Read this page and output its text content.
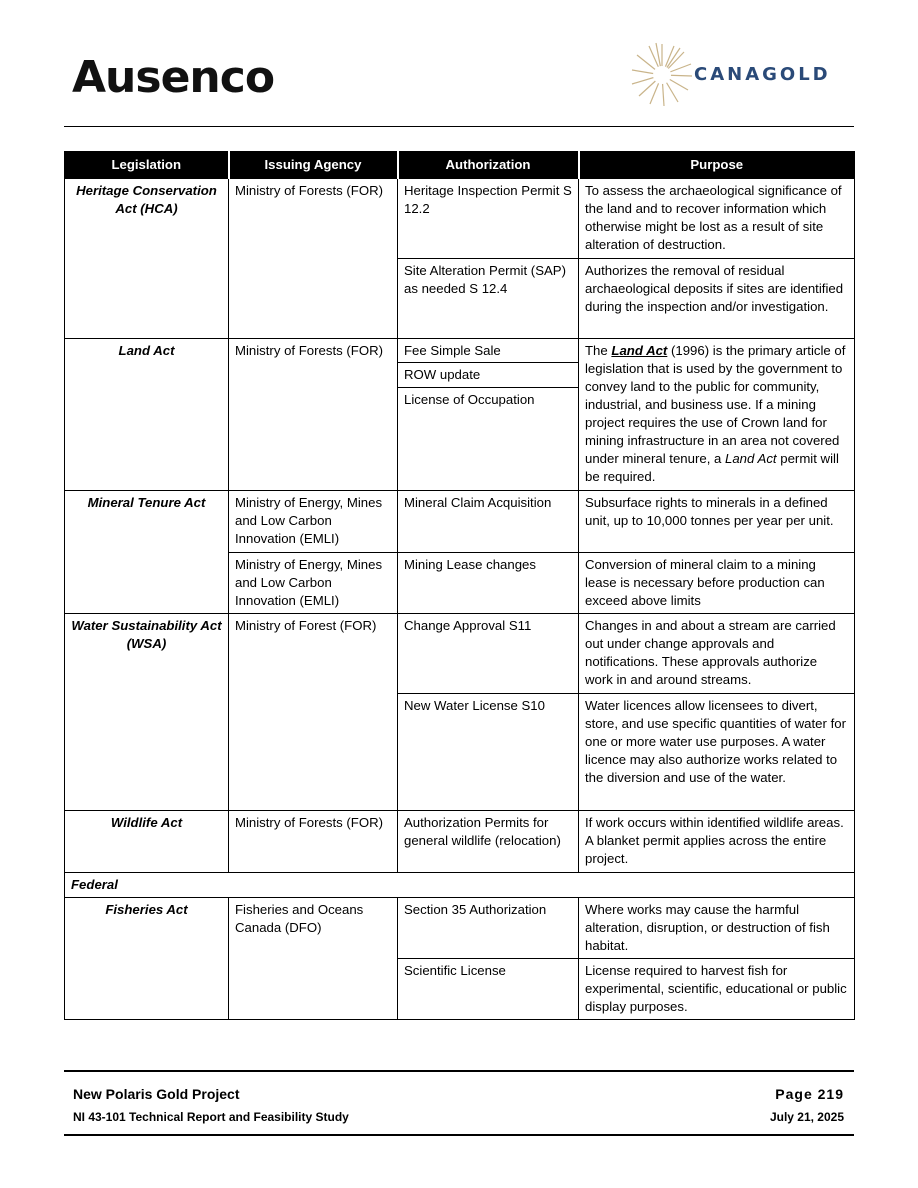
Ausenco	CANAGOLD
Legislation	Issuing Agency	Authorization	Purpose
Heritage Conservation Act (HCA)	Ministry of Forests (FOR)	Heritage Inspection Permit S 12.2	To assess the archaeological significance of the land and to recover information which otherwise might be lost as a result of site alteration of destruction.
		Site Alteration Permit (SAP) as needed S 12.4	Authorizes the removal of residual archaeological deposits if sites are identified during the inspection and/or investigation.
Land Act	Ministry of Forests (FOR)	Fee Simple Sale	The Land Act (1996) is the primary article of legislation that is used by the government to convey land to the public for community, industrial, and business use. If a mining project requires the use of Crown land for mining infrastructure in an area not covered under mineral tenure, a Land Act permit will be required.
		ROW update	
		License of Occupation	
Mineral Tenure Act	Ministry of Energy, Mines and Low Carbon Innovation (EMLI)	Mineral Claim Acquisition	Subsurface rights to minerals in a defined unit, up to 10,000 tonnes per year per unit.
	Ministry of Energy, Mines and Low Carbon Innovation (EMLI)	Mining Lease changes	Conversion of mineral claim to a mining lease is necessary before production can exceed above limits
Water Sustainability Act (WSA)	Ministry of Forest (FOR)	Change Approval S11	Changes in and about a stream are carried out under change approvals and notifications. These approvals authorize work in and around streams.
		New Water License S10	Water licences allow licensees to divert, store, and use specific quantities of water for one or more water use purposes. A water licence may also authorize works related to the diversion and use of the water.
Wildlife Act	Ministry of Forests (FOR)	Authorization Permits for general wildlife (relocation)	If work occurs within identified wildlife areas. A blanket permit applies across the entire project.
Federal			
Fisheries Act	Fisheries and Oceans Canada (DFO)	Section 35 Authorization	Where works may cause the harmful alteration, disruption, or destruction of fish habitat.
		Scientific License	License required to harvest fish for experimental, scientific, educational or public display purposes.
New Polaris Gold Project
NI 43-101 Technical Report and Feasibility Study
Page 219
July 21, 2025
